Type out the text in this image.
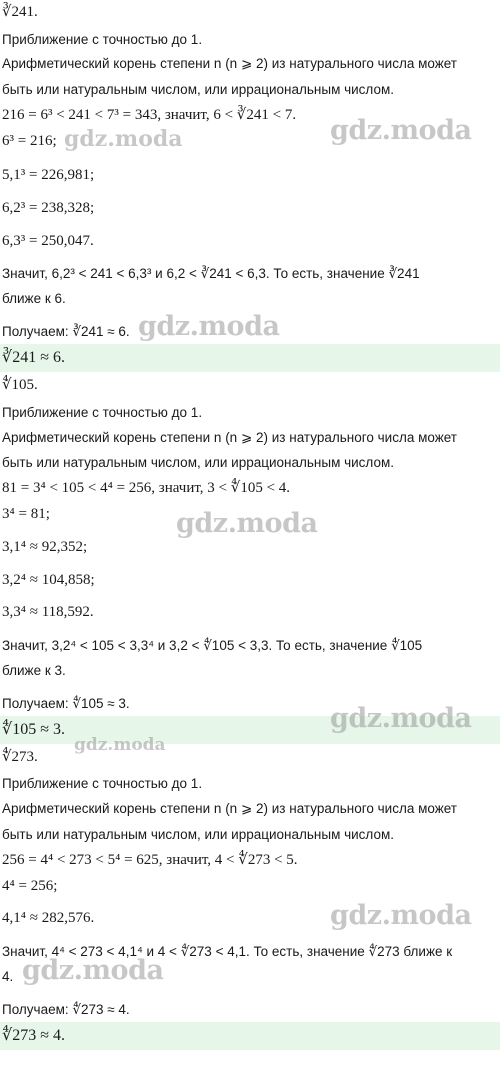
∛241.
Приближение с точностью до 1.
Арифметический корень степени n (n ⩾ 2) из натурального числа может
быть или натуральным числом, или иррациональным числом.
216 = 6³ < 241 < 7³ = 343, значит, 6 < ∛241 < 7.
6³ = 216;
5,1³ = 226,981;
6,2³ = 238,328;
6,3³ = 250,047.
Значит, 6,2³ < 241 < 6,3³ и 6,2 < ∛241 < 6,3. То есть, значение ∛241
ближе к 6.
Получаем: ∛241 ≈ 6.
∛241 ≈ 6.
∜105.
Приближение с точностью до 1.
Арифметический корень степени n (n ⩾ 2) из натурального числа может
быть или натуральным числом, или иррациональным числом.
81 = 3⁴ < 105 < 4⁴ = 256, значит, 3 < ∜105 < 4.
3⁴ = 81;
3,1⁴ ≈ 92,352;
3,2⁴ ≈ 104,858;
3,3⁴ ≈ 118,592.
Значит, 3,2⁴ < 105 < 3,3⁴ и 3,2 < ∜105 < 3,3. То есть, значение ∜105
ближе к 3.
Получаем: ∜105 ≈ 3.
∜105 ≈ 3.
∜273.
Приближение с точностью до 1.
Арифметический корень степени n (n ⩾ 2) из натурального числа может
быть или натуральным числом, или иррациональным числом.
256 = 4⁴ < 273 < 5⁴ = 625, значит, 4 < ∜273 < 5.
4⁴ = 256;
4,1⁴ ≈ 282,576.
Значит, 4⁴ < 273 < 4,1⁴ и 4 < ∜273 < 4,1. То есть, значение ∜273 ближе к
4.
Получаем: ∜273 ≈ 4.
∜273 ≈ 4.
gdz.moda
gdz.moda
gdz.moda
gdz.moda
gdz.moda
gdz.moda
gdz.moda
gdz.moda
